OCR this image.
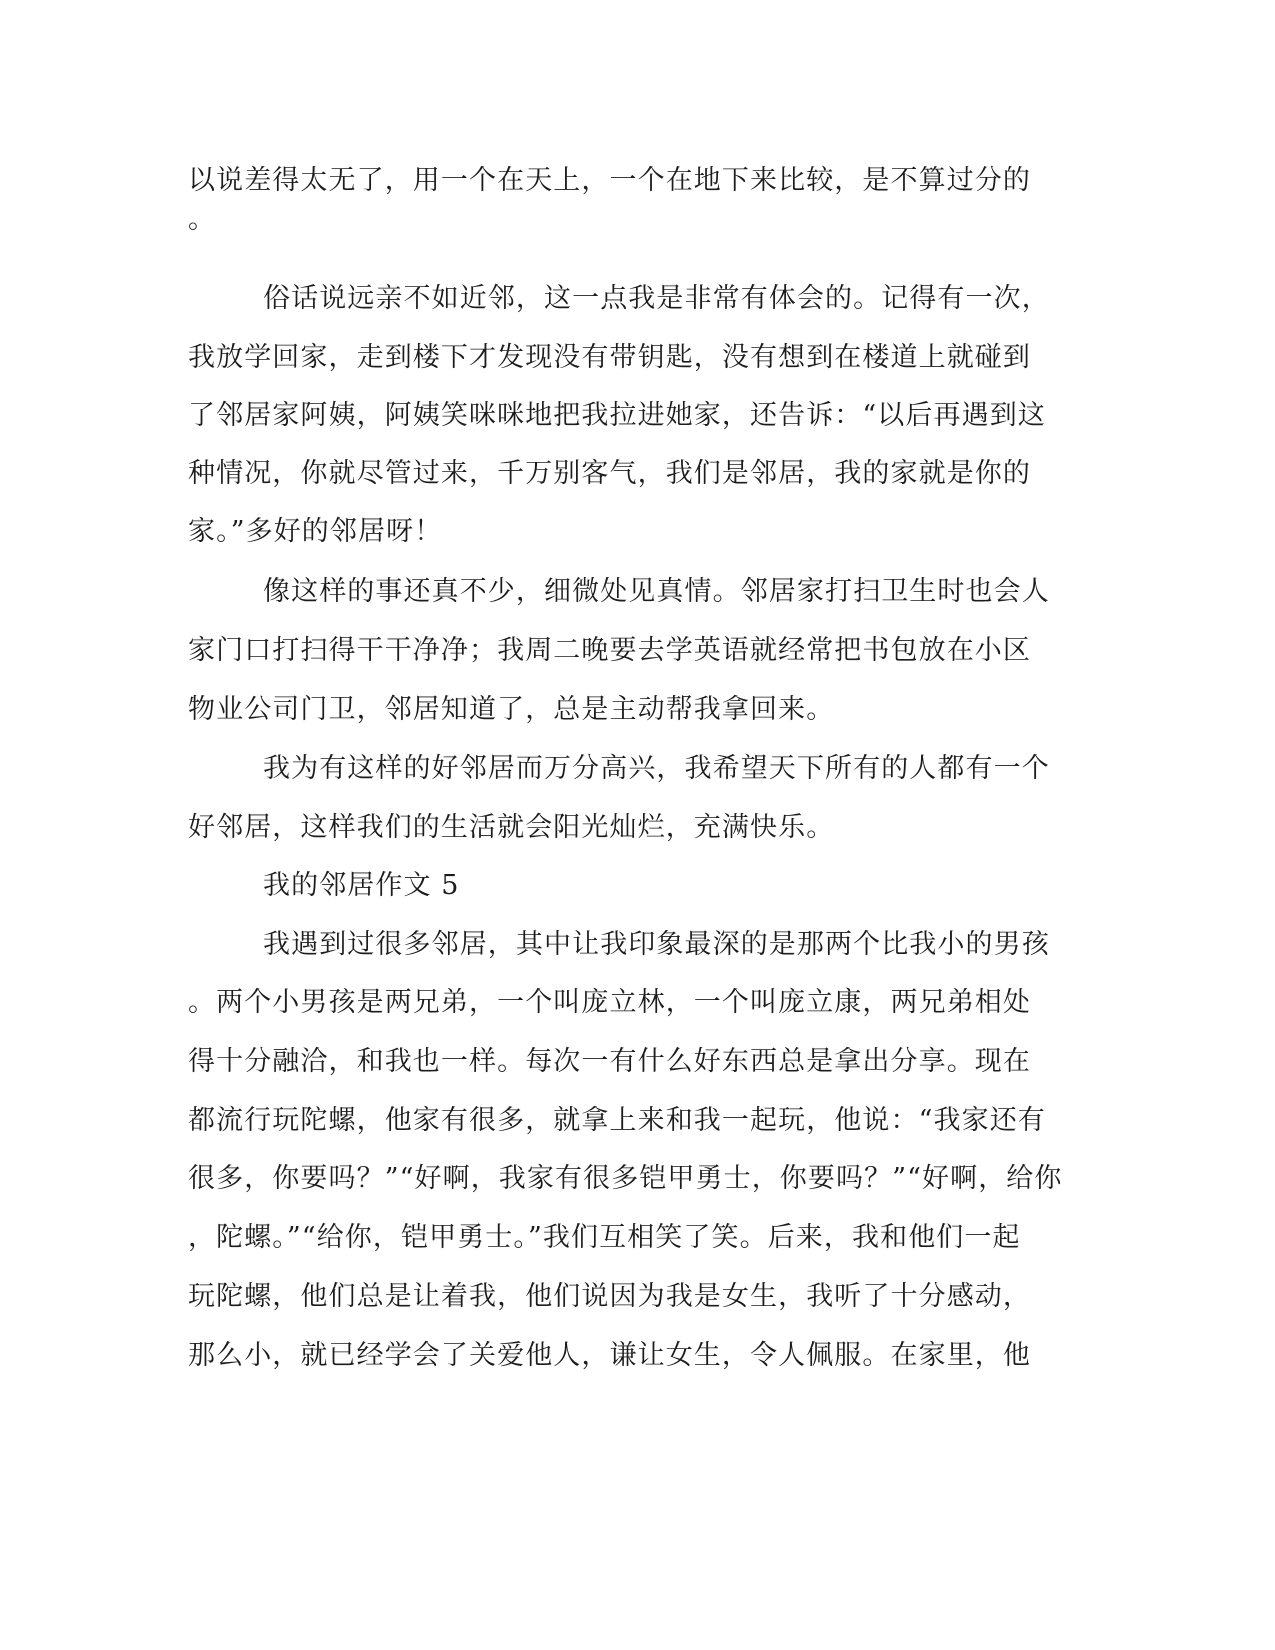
以说差得太无了，用一个在天上，一个在地下来比较，是不算过分的

。

俗话说远亲不如近邻，这一点我是非常有体会的。记得有一次，

我放学回家，走到楼下才发现没有带钥匙，没有想到在楼道上就碰到

了邻居家阿姨，阿姨笑咪咪地把我拉进她家，还告诉：“以后再遇到这

种情况，你就尽管过来，千万别客气，我们是邻居，我的家就是你的

家。”多好的邻居呀！

像这样的事还真不少，细微处见真情。邻居家打扫卫生时也会人

家门口打扫得干干净净；我周二晚要去学英语就经常把书包放在小区

物业公司门卫，邻居知道了，总是主动帮我拿回来。

我为有这样的好邻居而万分高兴，我希望天下所有的人都有一个

好邻居，这样我们的生活就会阳光灿烂，充满快乐。

我的邻居作文 5

我遇到过很多邻居，其中让我印象最深的是那两个比我小的男孩

。两个小男孩是两兄弟，一个叫庞立林，一个叫庞立康，两兄弟相处

得十分融洽，和我也一样。每次一有什么好东西总是拿出分享。现在

都流行玩陀螺，他家有很多，就拿上来和我一起玩，他说：“我家还有

很多，你要吗？”“好啊，我家有很多铠甲勇士，你要吗？”“好啊，给你

，陀螺。”“给你，铠甲勇士。”我们互相笑了笑。后来，我和他们一起

玩陀螺，他们总是让着我，他们说因为我是女生，我听了十分感动，

那么小，就已经学会了关爱他人，谦让女生，令人佩服。在家里，他
